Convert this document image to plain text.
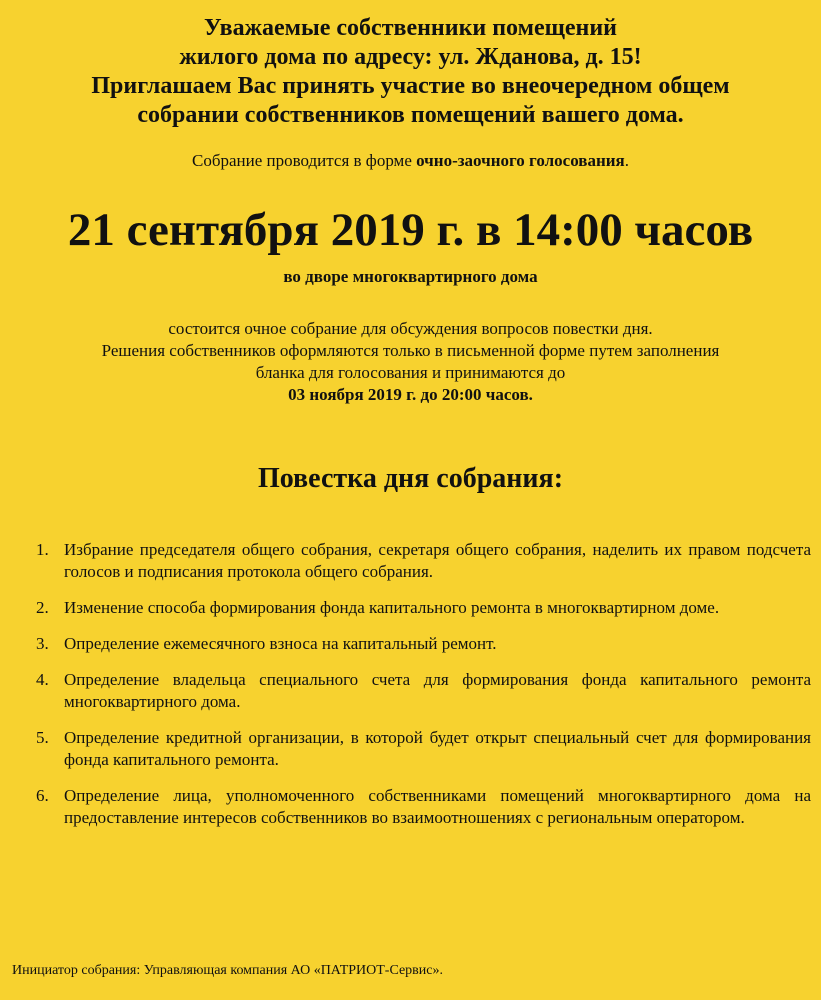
Уважаемые собственники помещений
жилого дома по адресу: ул. Жданова, д. 15!
Приглашаем Вас принять участие во внеочередном общем
собрании собственников помещений вашего дома.
Собрание проводится в форме очно-заочного голосования.
21 сентября 2019 г. в 14:00 часов
во дворе многоквартирного дома
состоится очное собрание для обсуждения вопросов повестки дня.
Решения собственников оформляются только в письменной форме путем заполнения
бланка для голосования и принимаются до
03 ноября 2019 г. до 20:00 часов.
Повестка дня собрания:
1. Избрание председателя общего собрания, секретаря общего собрания, наделить их правом подсчета голосов и подписания протокола общего собрания.
2. Изменение способа формирования фонда капитального ремонта в многоквартирном доме.
3. Определение ежемесячного взноса на капитальный ремонт.
4. Определение владельца специального счета для формирования фонда капитального ремонта многоквартирного дома.
5. Определение кредитной организации, в которой будет открыт специальный счет для формирования фонда капитального ремонта.
6. Определение лица, уполномоченного собственниками помещений многоквартирного дома на предоставление интересов собственников во взаимоотношениях с региональным оператором.
Инициатор собрания: Управляющая компания АО «ПАТРИОТ-Сервис».
